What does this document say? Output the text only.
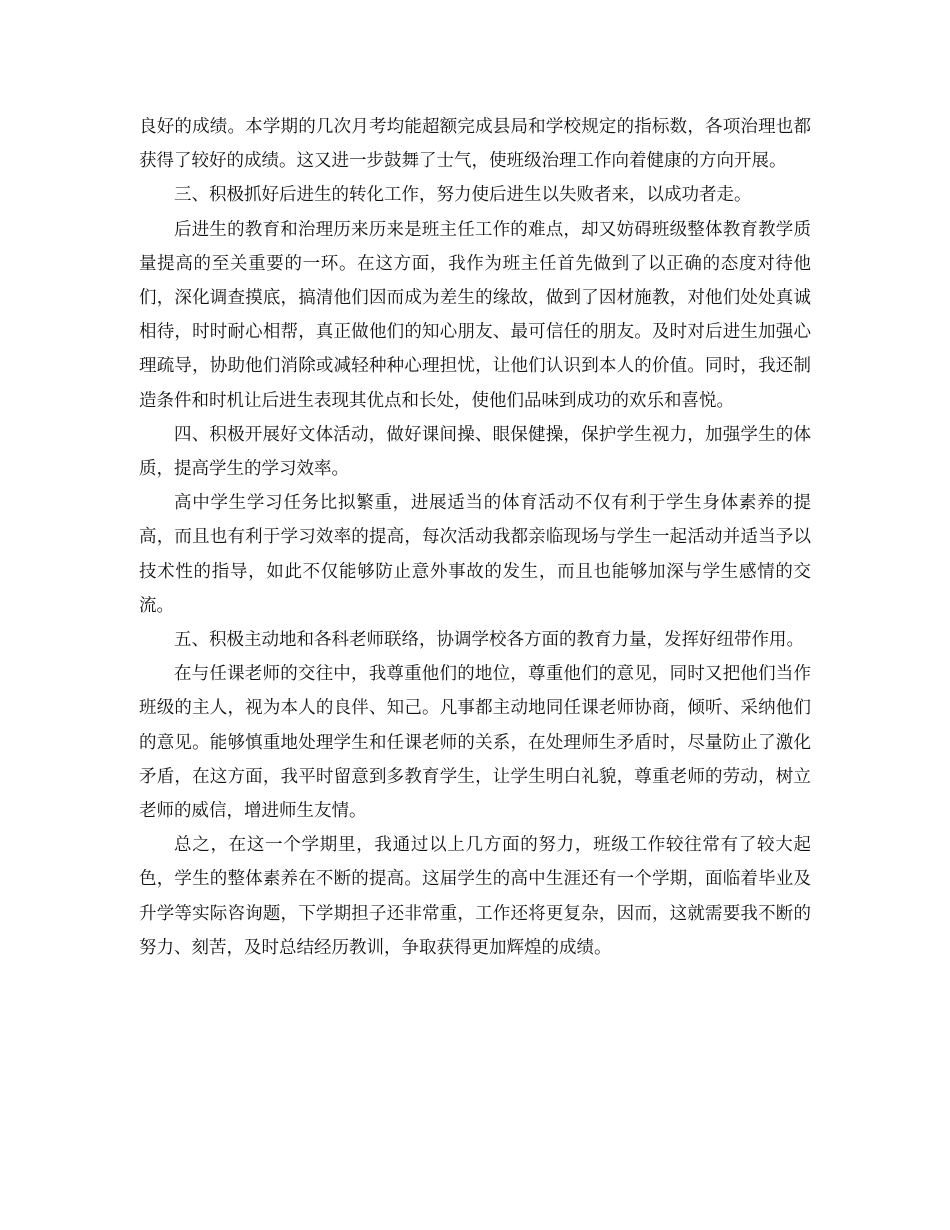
良好的成绩。本学期的几次月考均能超额完成县局和学校规定的指标数，各项治理也都获得了较好的成绩。这又进一步鼓舞了士气，使班级治理工作向着健康的方向开展。

三、积极抓好后进生的转化工作，努力使后进生以失败者来，以成功者走。

后进生的教育和治理历来历来是班主任工作的难点，却又妨碍班级整体教育教学质量提高的至关重要的一环。在这方面，我作为班主任首先做到了以正确的态度对待他们，深化调查摸底，搞清他们因而成为差生的缘故，做到了因材施教，对他们处处真诚相待，时时耐心相帮，真正做他们的知心朋友、最可信任的朋友。及时对后进生加强心理疏导，协助他们消除或减轻种种心理担忧，让他们认识到本人的价值。同时，我还制造条件和时机让后进生表现其优点和长处，使他们品味到成功的欢乐和喜悦。

四、积极开展好文体活动，做好课间操、眼保健操，保护学生视力，加强学生的体质，提高学生的学习效率。

高中学生学习任务比拟繁重，进展适当的体育活动不仅有利于学生身体素养的提高，而且也有利于学习效率的提高，每次活动我都亲临现场与学生一起活动并适当予以技术性的指导，如此不仅能够防止意外事故的发生，而且也能够加深与学生感情的交流。

五、积极主动地和各科老师联络，协调学校各方面的教育力量，发挥好纽带作用。

在与任课老师的交往中，我尊重他们的地位，尊重他们的意见，同时又把他们当作班级的主人，视为本人的良伴、知己。凡事都主动地同任课老师协商，倾听、采纳他们的意见。能够慎重地处理学生和任课老师的关系，在处理师生矛盾时，尽量防止了激化矛盾，在这方面，我平时留意到多教育学生，让学生明白礼貌，尊重老师的劳动，树立老师的威信，增进师生友情。

总之，在这一个学期里，我通过以上几方面的努力，班级工作较往常有了较大起色，学生的整体素养在不断的提高。这届学生的高中生涯还有一个学期，面临着毕业及升学等实际咨询题，下学期担子还非常重，工作还将更复杂，因而，这就需要我不断的努力、刻苦，及时总结经历教训，争取获得更加辉煌的成绩。
